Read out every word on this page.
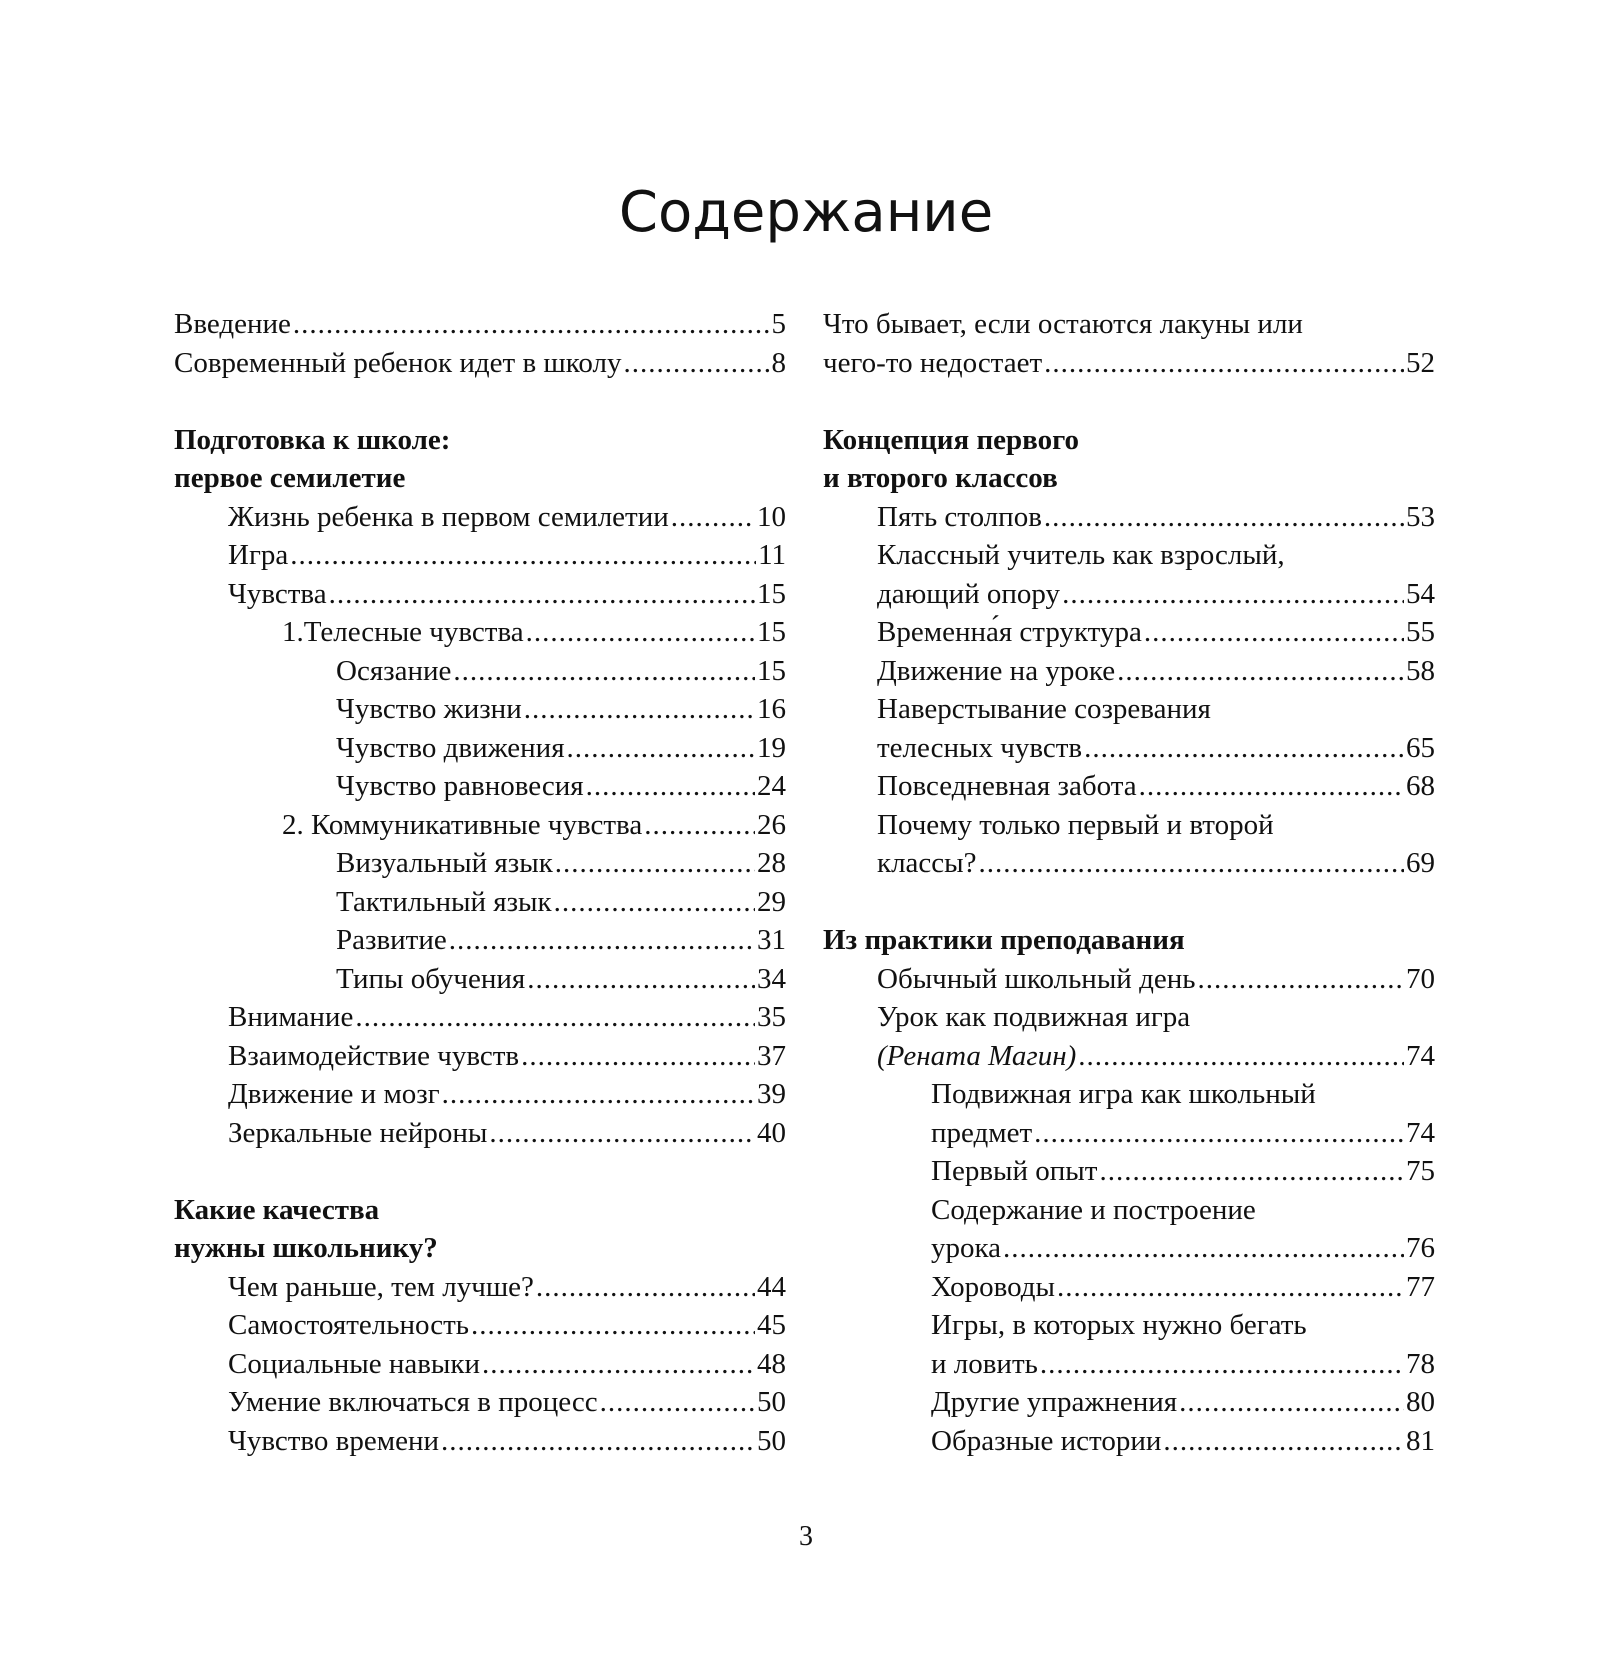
Содержание
Введение .....	5
Современный ребенок идет в школу .....	8
Подготовка к школе:
первое семилетие
Жизнь ребенка в первом семилетии .....	10
Игра .....	11
Чувства .....	15
1.Телесные чувства .....	15
Осязание .....	15
Чувство жизни .....	16
Чувство движения .....	19
Чувство равновесия .....	24
2. Коммуникативные чувства .....	26
Визуальный язык .....	28
Тактильный язык .....	29
Развитие .....	31
Типы обучения .....	34
Внимание .....	35
Взаимодействие чувств .....	37
Движение и мозг .....	39
Зеркальные нейроны .....	40
Какие качества
нужны школьнику?
Чем раньше, тем лучше? .....	44
Самостоятельность .....	45
Социальные навыки .....	48
Умение включаться в процесс .....	50
Чувство времени .....	50
Что бывает, если остаются лакуны или
чего-то недостает .....	52
Концепция первого
и второго классов
Пять столпов .....	53
Классный учитель как взрослый,
дающий опору .....	54
Временна́я структура .....	55
Движение на уроке .....	58
Наверстывание созревания
телесных чувств .....	65
Повседневная забота .....	68
Почему только первый и второй
классы? .....	69
Из практики преподавания
Обычный школьный день .....	70
Урок как подвижная игра
(Рената Магин) .....	74
Подвижная игра как школьный
предмет .....	74
Первый опыт .....	75
Содержание и построение
урока .....	76
Хороводы .....	77
Игры, в которых нужно бегать
и ловить .....	78
Другие упражнения .....	80
Образные истории .....	81
3
